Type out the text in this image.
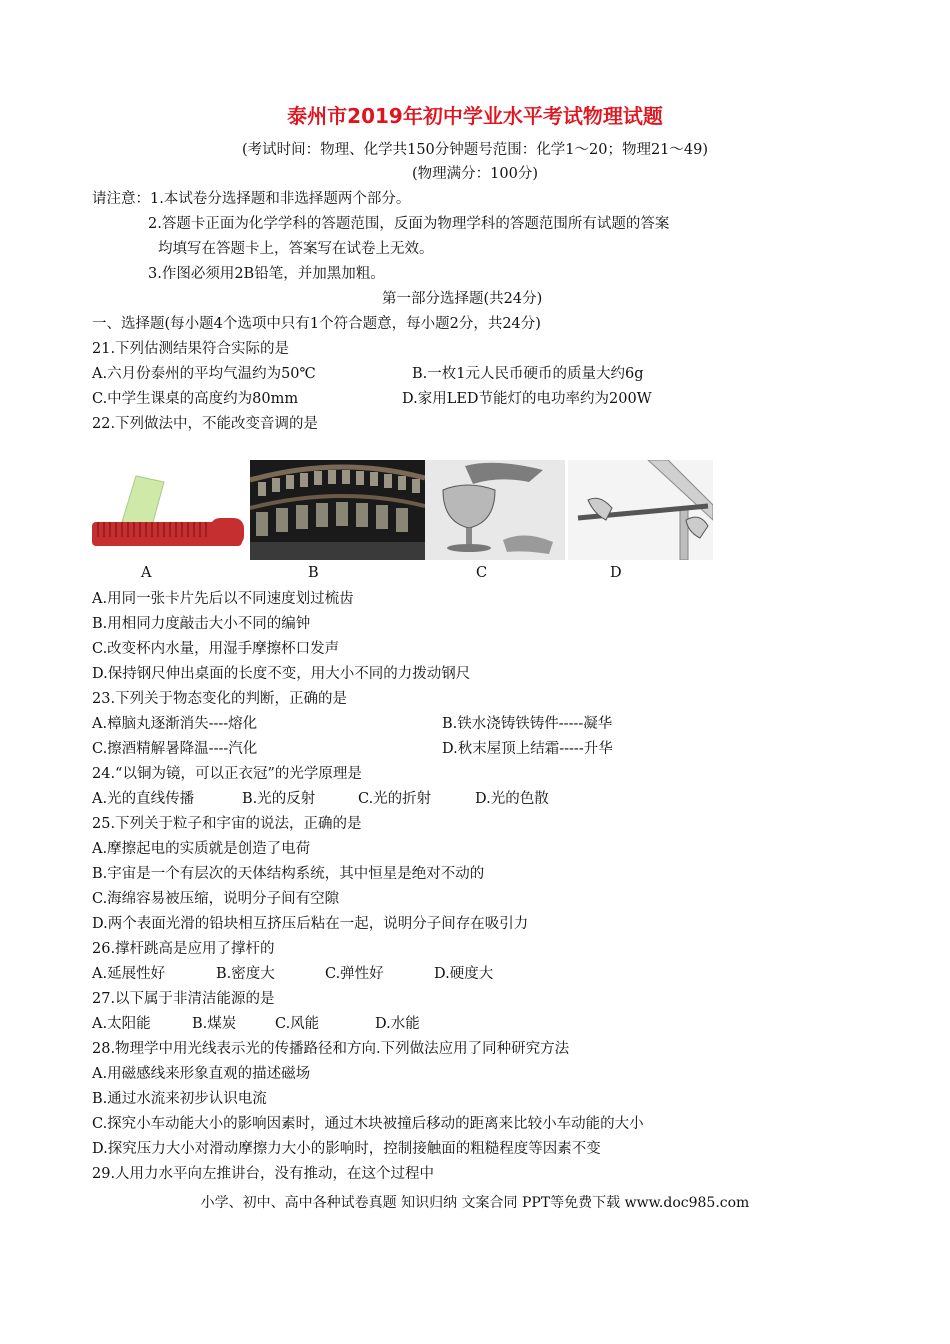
泰州市2019年初中学业水平考试物理试题
(考试时间：物理、化学共150分钟题号范围：化学1～20；物理21～49)
(物理满分：100分)
请注意：1.本试卷分选择题和非选择题两个部分。
2.答题卡正面为化学学科的答题范围，反面为物理学科的答题范围所有试题的答案
均填写在答题卡上，答案写在试卷上无效。
3.作图必须用2B铅笔，并加黑加粗。
第一部分选择题(共24分)
一、选择题(每小题4个选项中只有1个符合题意，每小题2分，共24分)
21.下列估测结果符合实际的是
A.六月份泰州的平均气温约为50℃	B.一枚1元人民币硬币的质量大约6g
C.中学生课桌的高度约为80mm	D.家用LED节能灯的电功率约为200W
22.下列做法中，不能改变音调的是
A	B	C	D
A.用同一张卡片先后以不同速度划过梳齿
B.用相同力度敲击大小不同的编钟
C.改变杯内水量，用湿手摩擦杯口发声
D.保持钢尺伸出桌面的长度不变，用大小不同的力拨动钢尺
23.下列关于物态变化的判断，正确的是
A.樟脑丸逐渐消失----熔化	B.铁水浇铸铁铸件-----凝华
C.擦酒精解暑降温----汽化	D.秋末屋顶上结霜-----升华
24.“以铜为镜，可以正衣冠”的光学原理是
A.光的直线传播	B.光的反射	C.光的折射	D.光的色散
25.下列关于粒子和宇宙的说法，正确的是
A.摩擦起电的实质就是创造了电荷
B.宇宙是一个有层次的天体结构系统，其中恒星是绝对不动的
C.海绵容易被压缩，说明分子间有空隙
D.两个表面光滑的铅块相互挤压后粘在一起，说明分子间存在吸引力
26.撑杆跳高是应用了撑杆的
A.延展性好	B.密度大	C.弹性好	D.硬度大
27.以下属于非清洁能源的是
A.太阳能	B.煤炭	C.风能	D.水能
28.物理学中用光线表示光的传播路径和方向.下列做法应用了同种研究方法
A.用磁感线来形象直观的描述磁场
B.通过水流来初步认识电流
C.探究小车动能大小的影响因素时，通过木块被撞后移动的距离来比较小车动能的大小
D.探究压力大小对滑动摩擦力大小的影响时，控制接触面的粗糙程度等因素不变
29.人用力水平向左推讲台，没有推动，在这个过程中
小学、初中、高中各种试卷真题 知识归纳 文案合同 PPT等免费下载 www.doc985.com
